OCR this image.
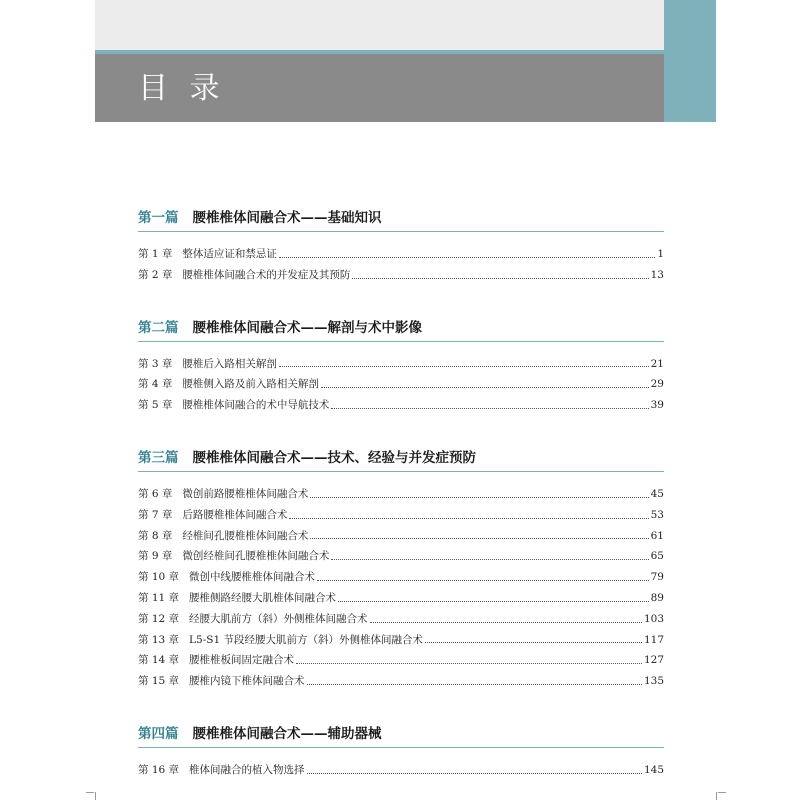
目 录
第一篇 腰椎椎体间融合术——基础知识
第 1 章 整体适应证和禁忌证	1
第 2 章 腰椎椎体间融合术的并发症及其预防	13
第二篇 腰椎椎体间融合术——解剖与术中影像
第 3 章 腰椎后入路相关解剖	21
第 4 章 腰椎侧入路及前入路相关解剖	29
第 5 章 腰椎椎体间融合的术中导航技术	39
第三篇 腰椎椎体间融合术——技术、经验与并发症预防
第 6 章 微创前路腰椎椎体间融合术	45
第 7 章 后路腰椎椎体间融合术	53
第 8 章 经椎间孔腰椎椎体间融合术	61
第 9 章 微创经椎间孔腰椎椎体间融合术	65
第 10 章 微创中线腰椎椎体间融合术	79
第 11 章 腰椎侧路经腰大肌椎体间融合术	89
第 12 章 经腰大肌前方（斜）外侧椎体间融合术	103
第 13 章 L5-S1 节段经腰大肌前方（斜）外侧椎体间融合术	117
第 14 章 腰椎椎板间固定融合术	127
第 15 章 腰椎内镜下椎体间融合术	135
第四篇 腰椎椎体间融合术——辅助器械
第 16 章 椎体间融合的植入物选择	145
